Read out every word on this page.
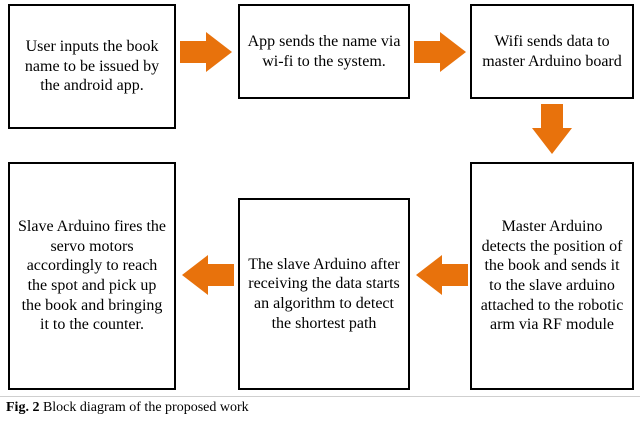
User inputs the book name to be issued by the android app.
App sends the name via wi-fi to the system.
Wifi sends data to master Arduino board
Master Arduino detects the position of the book and sends it to the slave arduino attached to the robotic arm via RF module
The slave Arduino after receiving the data starts an algorithm to detect the shortest path
Slave Arduino fires the servo motors accordingly to reach the spot and pick up the book and bringing it to the counter.
Fig. 2 Block diagram of the proposed work
